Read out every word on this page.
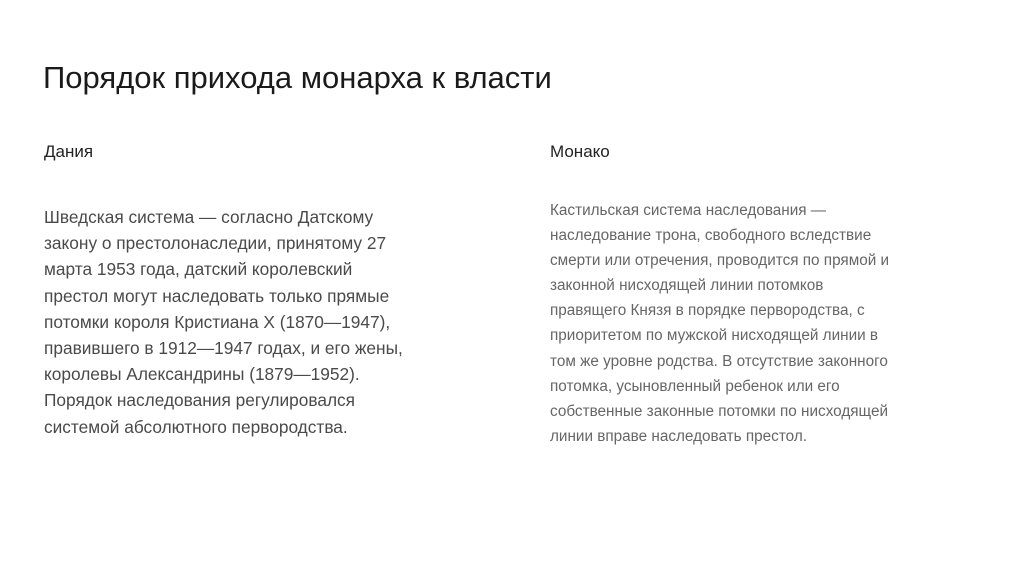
Порядок прихода монарха к власти
Дания

Шведская система — согласно Датскому
закону о престолонаследии, принятому 27
марта 1953 года, датский королевский
престол могут наследовать только прямые
потомки короля Кристиана X (1870—1947),
правившего в 1912—1947 годах, и его жены,
королевы Александрины (1879—1952).
Порядок наследования регулировался
системой абсолютного первородства.

Монако

Кастильская система наследования —
наследование трона, свободного вследствие
смерти или отречения, проводится по прямой и
законной нисходящей линии потомков
правящего Князя в порядке первородства, с
приоритетом по мужской нисходящей линии в
том же уровне родства. В отсутствие законного
потомка, усыновленный ребенок или его
собственные законные потомки по нисходящей
линии вправе наследовать престол.
